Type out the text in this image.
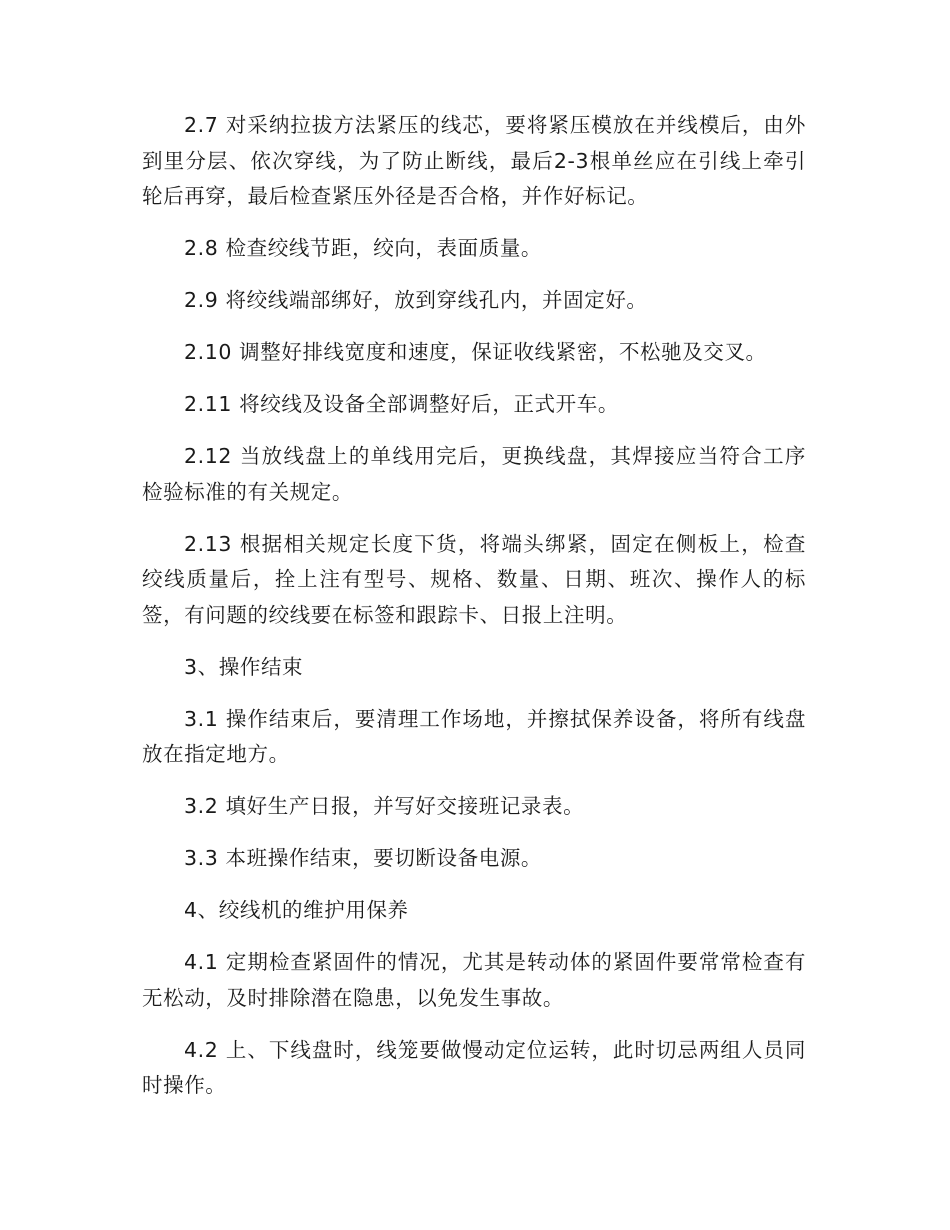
2.7 对采纳拉拔方法紧压的线芯，要将紧压模放在并线模后，由外到里分层、依次穿线，为了防止断线，最后2-3根单丝应在引线上牵引轮后再穿，最后检查紧压外径是否合格，并作好标记。

2.8 检查绞线节距，绞向，表面质量。

2.9 将绞线端部绑好，放到穿线孔内，并固定好。

2.10 调整好排线宽度和速度，保证收线紧密，不松驰及交叉。

2.11 将绞线及设备全部调整好后，正式开车。

2.12 当放线盘上的单线用完后，更换线盘，其焊接应当符合工序检验标准的有关规定。

2.13 根据相关规定长度下货，将端头绑紧，固定在侧板上，检查绞线质量后，拴上注有型号、规格、数量、日期、班次、操作人的标签，有问题的绞线要在标签和跟踪卡、日报上注明。

3、操作结束

3.1 操作结束后，要清理工作场地，并擦拭保养设备，将所有线盘放在指定地方。

3.2 填好生产日报，并写好交接班记录表。

3.3 本班操作结束，要切断设备电源。

4、绞线机的维护用保养

4.1 定期检查紧固件的情况，尤其是转动体的紧固件要常常检查有无松动，及时排除潜在隐患，以免发生事故。

4.2 上、下线盘时，线笼要做慢动定位运转，此时切忌两组人员同时操作。
